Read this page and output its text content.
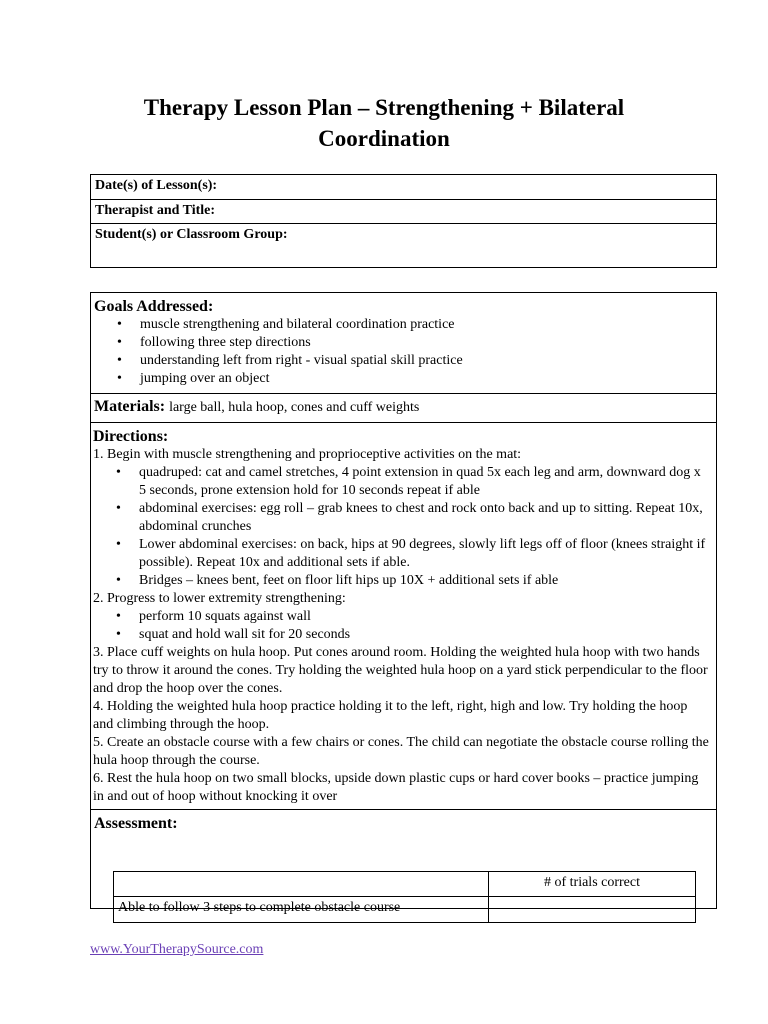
Therapy Lesson Plan – Strengthening + Bilateral
Coordination
Date(s) of Lesson(s):
Therapist and Title:
Student(s) or Classroom Group:
Goals Addressed:
• muscle strengthening and bilateral coordination practice
• following three step directions
• understanding left from right - visual spatial skill practice
• jumping over an object
Materials: large ball, hula hoop, cones and cuff weights
Directions:
1. Begin with muscle strengthening and proprioceptive activities on the mat:
• quadruped: cat and camel stretches, 4 point extension in quad 5x each leg and arm, downward dog x 5 seconds, prone extension hold for 10 seconds repeat if able
• abdominal exercises: egg roll – grab knees to chest and rock onto back and up to sitting. Repeat 10x, abdominal crunches
• Lower abdominal exercises: on back, hips at 90 degrees, slowly lift legs off of floor (knees straight if possible). Repeat 10x and additional sets if able.
• Bridges – knees bent, feet on floor lift hips up 10X + additional sets if able
2. Progress to lower extremity strengthening:
• perform 10 squats against wall
• squat and hold wall sit for 20 seconds
3. Place cuff weights on hula hoop. Put cones around room. Holding the weighted hula hoop with two hands try to throw it around the cones. Try holding the weighted hula hoop on a yard stick perpendicular to the floor and drop the hoop over the cones.
4. Holding the weighted hula hoop practice holding it to the left, right, high and low. Try holding the hoop and climbing through the hoop.
5. Create an obstacle course with a few chairs or cones. The child can negotiate the obstacle course rolling the hula hoop through the course.
6. Rest the hula hoop on two small blocks, upside down plastic cups or hard cover books – practice jumping in and out of hoop without knocking it over
Assessment:
# of trials correct
Able to follow 3 steps to complete obstacle course
www.YourTherapySource.com
